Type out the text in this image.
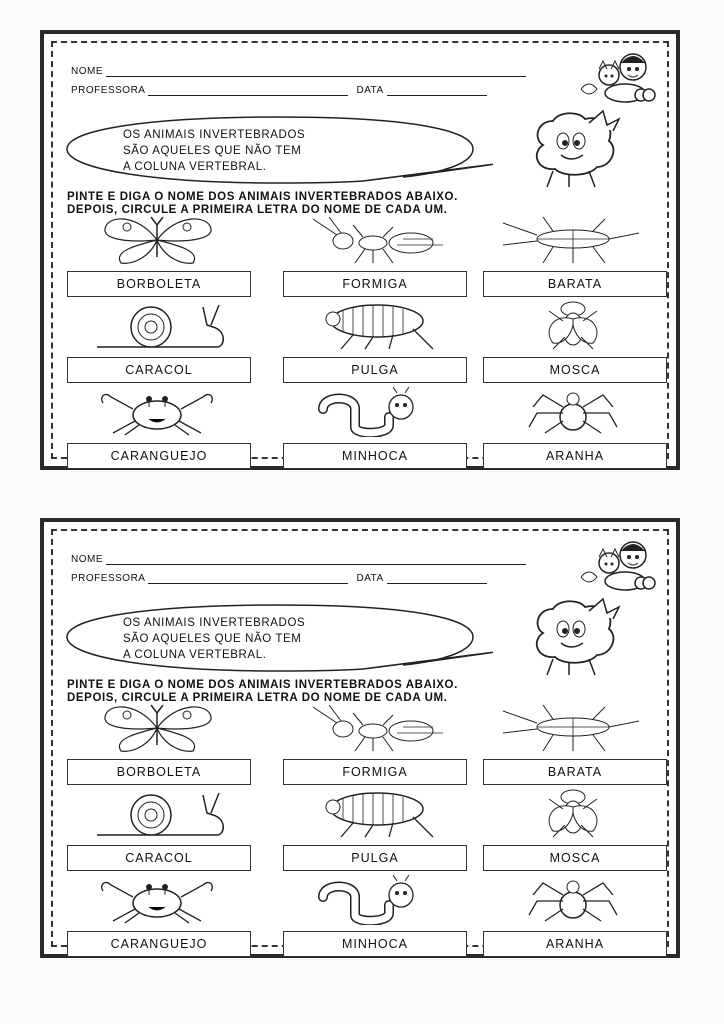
NOME
PROFESSORA	DATA
OS ANIMAIS INVERTEBRADOS
SÃO AQUELES QUE NÃO TEM
A COLUNA VERTEBRAL.
PINTE E DIGA O NOME DOS ANIMAIS INVERTEBRADOS ABAIXO.
DEPOIS, CIRCULE A PRIMEIRA LETRA DO NOME DE CADA UM.
BORBOLETA	FORMIGA	BARATA
CARACOL	PULGA	MOSCA
CARANGUEJO	MINHOCA	ARANHA
NOME
PROFESSORA	DATA
OS ANIMAIS INVERTEBRADOS
SÃO AQUELES QUE NÃO TEM
A COLUNA VERTEBRAL.
PINTE E DIGA O NOME DOS ANIMAIS INVERTEBRADOS ABAIXO.
DEPOIS, CIRCULE A PRIMEIRA LETRA DO NOME DE CADA UM.
BORBOLETA	FORMIGA	BARATA
CARACOL	PULGA	MOSCA
CARANGUEJO	MINHOCA	ARANHA
